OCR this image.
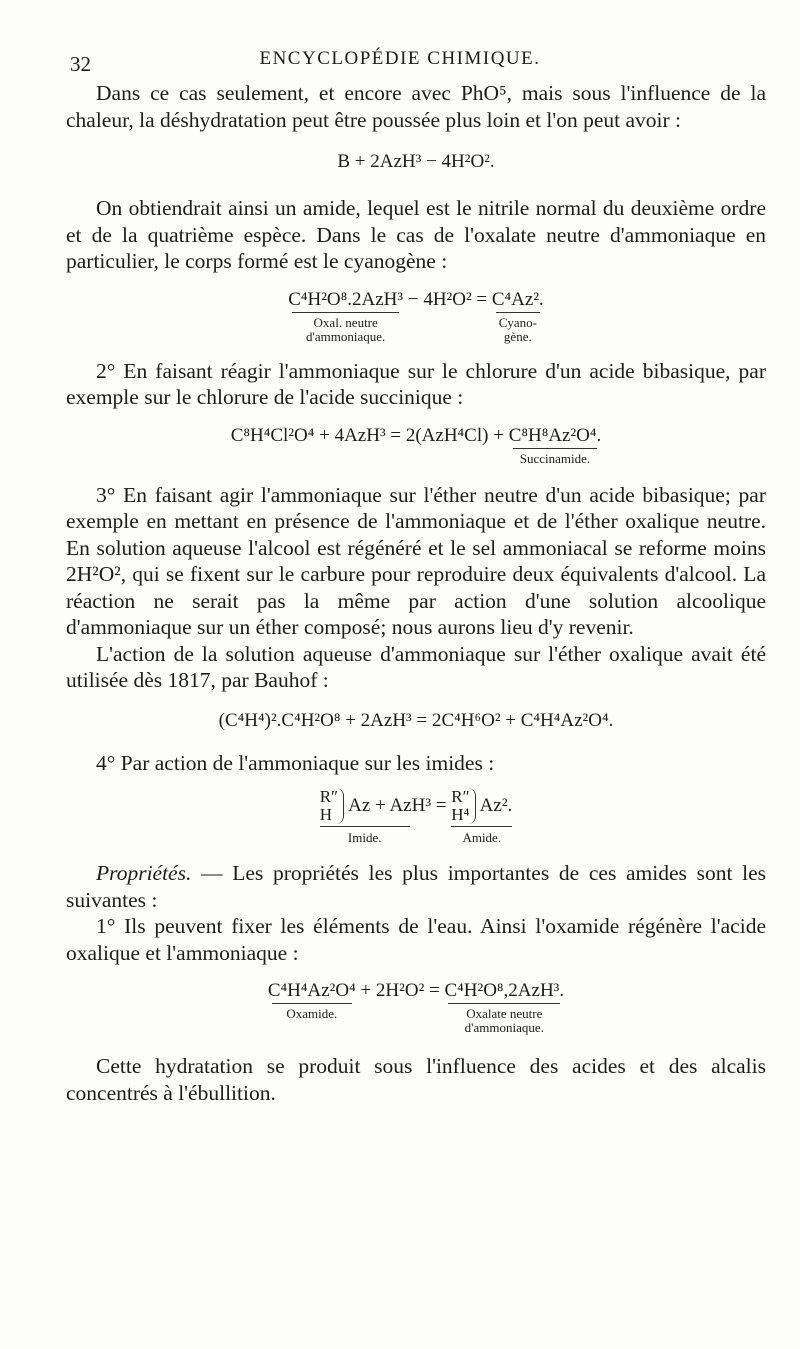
32	ENCYCLOPÉDIE CHIMIQUE.

Dans ce cas seulement, et encore avec PhO⁵, mais sous l'influence de la chaleur, la déshydratation peut être poussée plus loin et l'on peut avoir :

B + 2AzH³ − 4H²O².

On obtiendrait ainsi un amide, lequel est le nitrile normal du deuxième ordre et de la quatrième espèce. Dans le cas de l'oxalate neutre d'ammoniaque en particulier, le corps formé est le cyanogène :

C⁴H²O⁸.2AzH³
Oxal. neutre
d'ammoniaque.
− 4H²O² = C⁴Az².
Cyano-
gène.

2° En faisant réagir l'ammoniaque sur le chlorure d'un acide bibasique, par exemple sur le chlorure de l'acide succinique :

C⁸H⁴Cl²O⁴ + 4AzH³ = 2(AzH⁴Cl) + C⁸H⁸Az²O⁴.
Succinamide.

3° En faisant agir l'ammoniaque sur l'éther neutre d'un acide bibasique; par exemple en mettant en présence de l'ammoniaque et de l'éther oxalique neutre. En solution aqueuse l'alcool est régénéré et le sel ammoniacal se reforme moins 2H²O², qui se fixent sur le carbure pour reproduire deux équivalents d'alcool. La réaction ne serait pas la même par action d'une solution alcoolique d'ammoniaque sur un éther composé; nous aurons lieu d'y revenir.

L'action de la solution aqueuse d'ammoniaque sur l'éther oxalique avait été utilisée dès 1817, par Bauhof :

(C⁴H⁴)².C⁴H²O⁸ + 2AzH³ = 2C⁴H⁶O² + C⁴H⁴Az²O⁴.

4° Par action de l'ammoniaque sur les imides :

R″
H Az + AzH³ =
Imide.
R″
H⁴ Az².
Amide.

Propriétés. — Les propriétés les plus importantes de ces amides sont les suivantes :

1° Ils peuvent fixer les éléments de l'eau. Ainsi l'oxamide régénère l'acide oxalique et l'ammoniaque :

C⁴H⁴Az²O⁴
Oxamide.
+ 2H²O² = C⁴H²O⁸,2AzH³.
Oxalate neutre
d'ammoniaque.

Cette hydratation se produit sous l'influence des acides et des alcalis concentrés à l'ébullition.
